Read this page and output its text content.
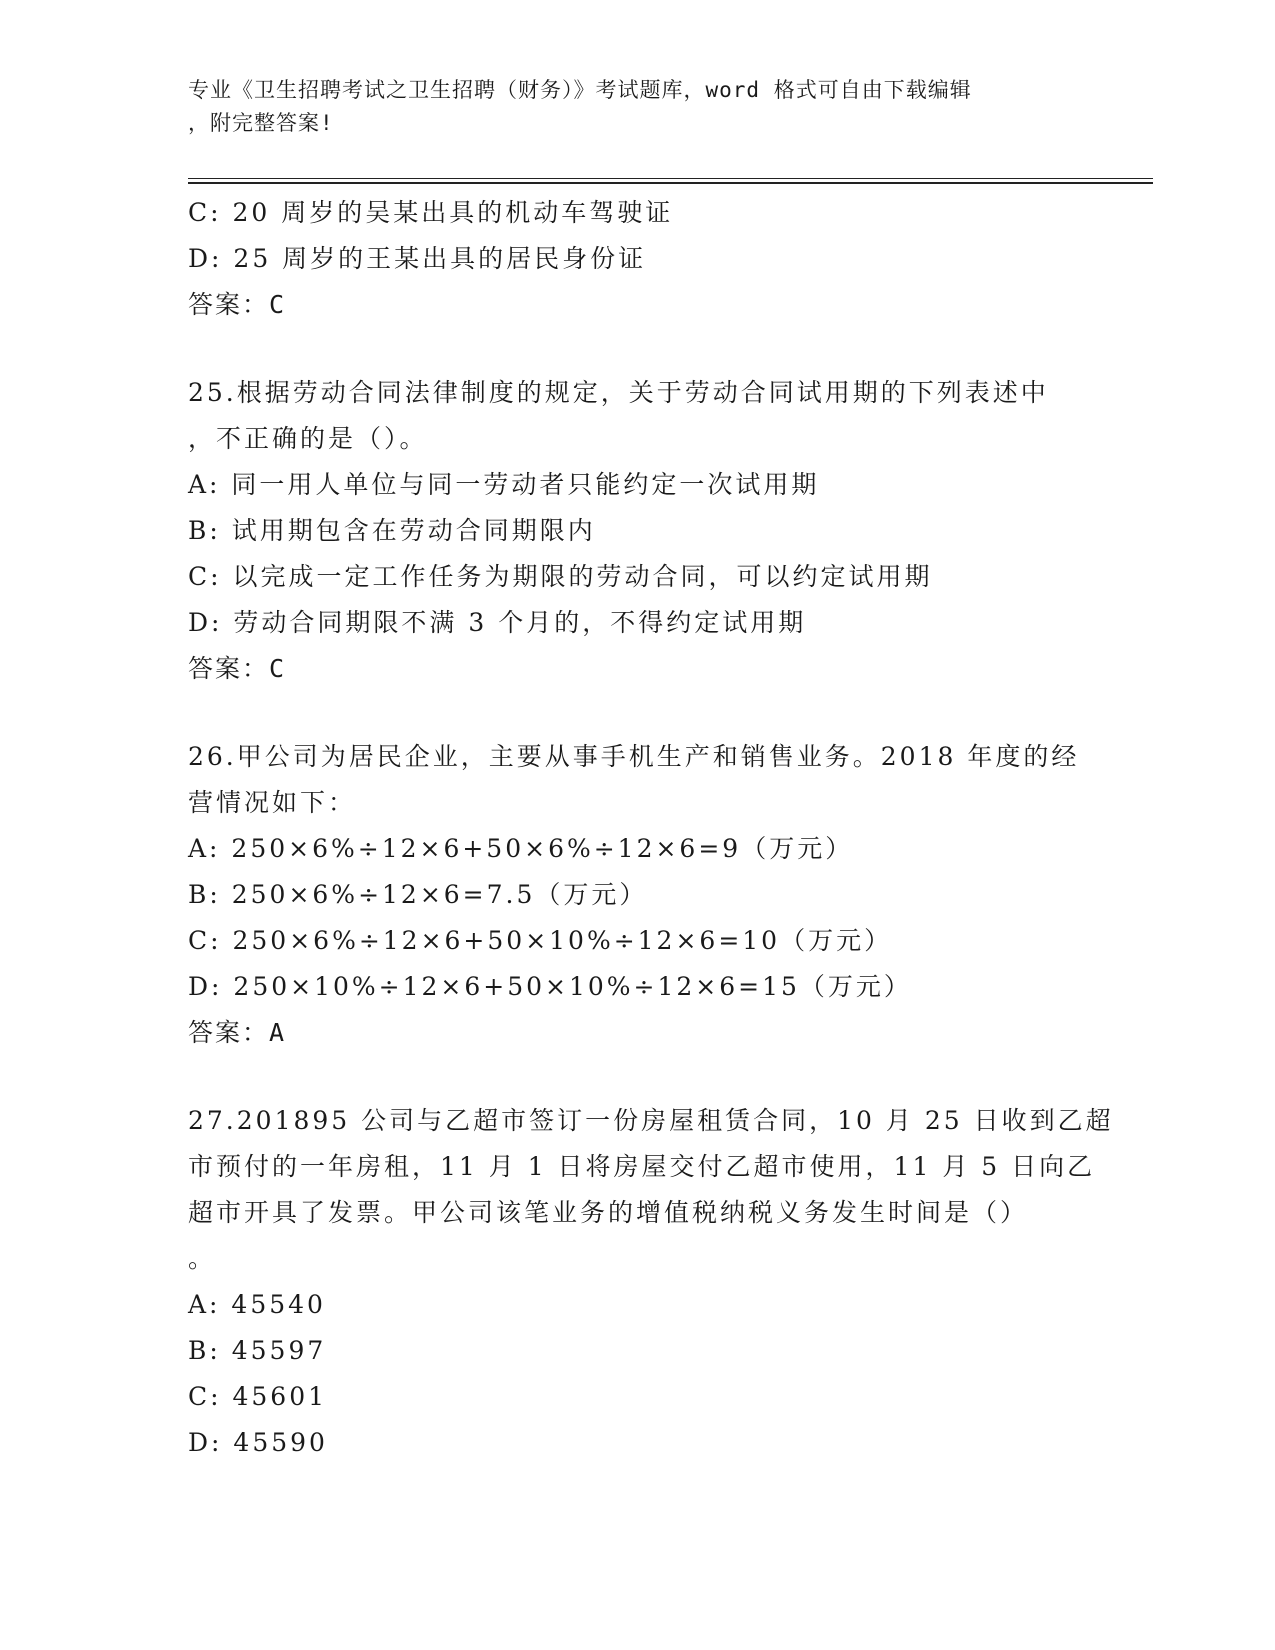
专业《卫生招聘考试之卫生招聘（财务）》考试题库，word 格式可自由下载编辑
，附完整答案!
C: 20 周岁的吴某出具的机动车驾驶证
D: 25 周岁的王某出具的居民身份证
答案：C
25.根据劳动合同法律制度的规定，关于劳动合同试用期的下列表述中
，不正确的是（）。
A: 同一用人单位与同一劳动者只能约定一次试用期
B: 试用期包含在劳动合同期限内
C: 以完成一定工作任务为期限的劳动合同，可以约定试用期
D: 劳动合同期限不满 3 个月的，不得约定试用期
答案：C
26.甲公司为居民企业，主要从事手机生产和销售业务。2018 年度的经
营情况如下：
A: 250×6%÷12×6+50×6%÷12×6=9（万元）
B: 250×6%÷12×6=7.5（万元）
C: 250×6%÷12×6+50×10%÷12×6=10（万元）
D: 250×10%÷12×6+50×10%÷12×6=15（万元）
答案：A
27.201895 公司与乙超市签订一份房屋租赁合同，10 月 25 日收到乙超
市预付的一年房租，11 月 1 日将房屋交付乙超市使用，11 月 5 日向乙
超市开具了发票。甲公司该笔业务的增值税纳税义务发生时间是（）
。
A: 45540
B: 45597
C: 45601
D: 45590
